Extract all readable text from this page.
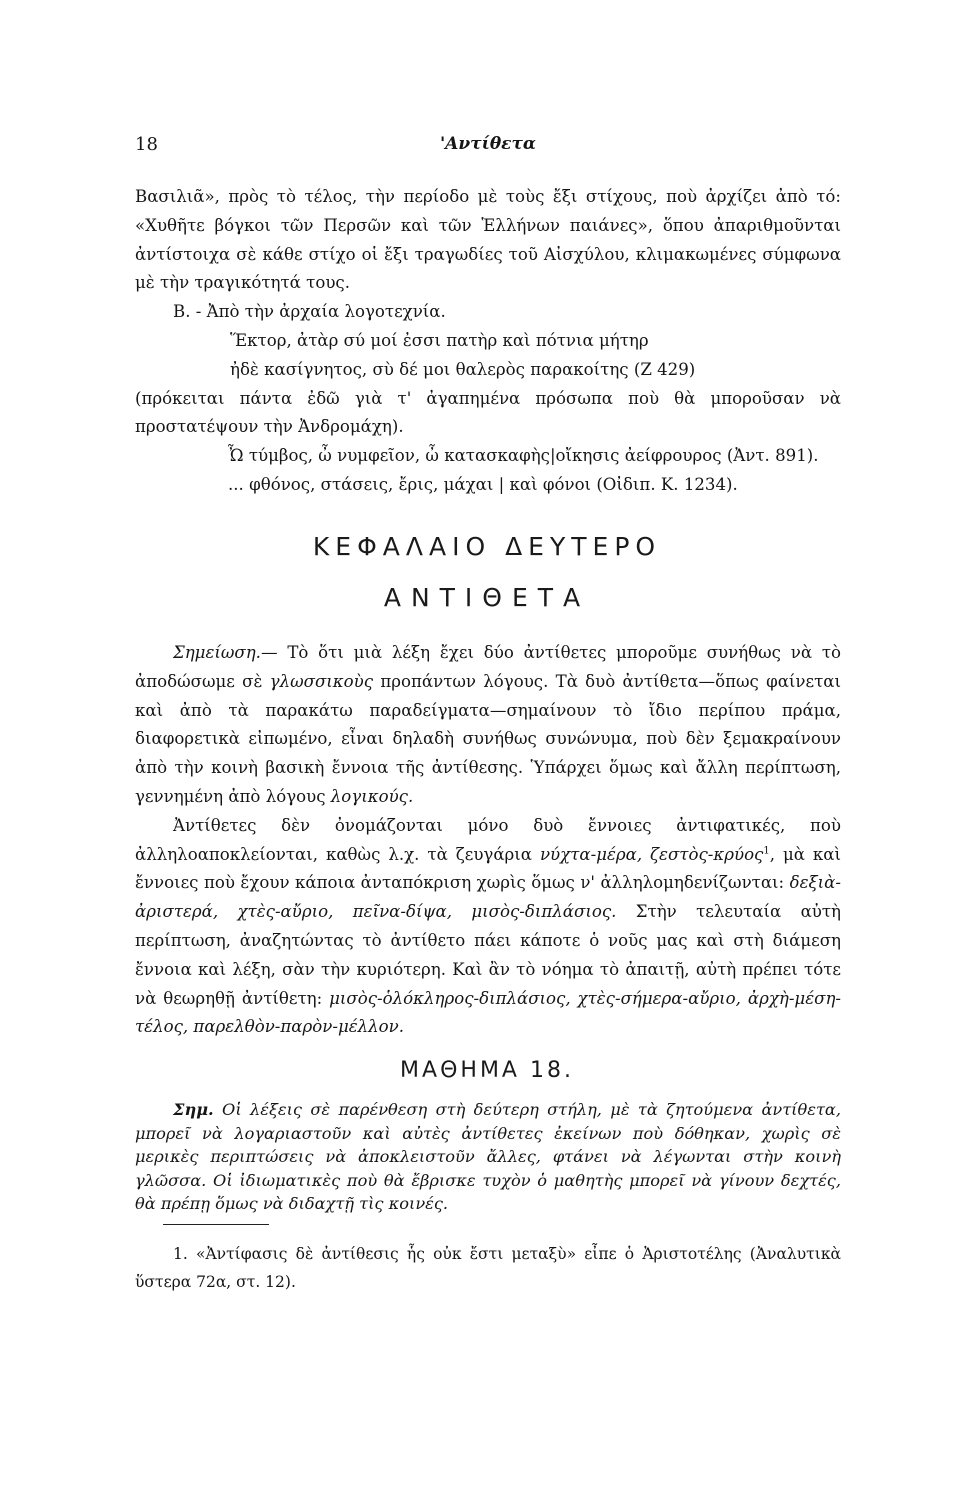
18	'Αντίθετα

Βασιλιᾶ», πρὸς τὸ τέλος, τὴν περίοδο μὲ τοὺς ἔξι στίχους, ποὺ ἀρχίζει ἀπὸ τό: «Χυθῆτε βόγκοι τῶν Περσῶν καὶ τῶν Ἑλλήνων παιάνες», ὅπου ἀπαριθμοῦνται ἀντίστοιχα σὲ κάθε στίχο οἱ ἔξι τραγωδίες τοῦ Αἰσχύλου, κλιμακωμένες σύμφωνα μὲ τὴν τραγικότητά τους.

Β. - Ἀπὸ τὴν ἀρχαία λογοτεχνία.

Ἕκτορ, ἀτὰρ σύ μοί ἐσσι πατὴρ καὶ πότνια μήτηρ

ἠδὲ κασίγνητος, σὺ δέ μοι θαλερὸς παρακοίτης (Ζ 429)

(πρόκειται πάντα ἐδῶ γιὰ τ' ἀγαπημένα πρόσωπα ποὺ θὰ μποροῦσαν νὰ προστατέψουν τὴν Ἀνδρομάχη).

Ὦ τύμβος, ὦ νυμφεῖον, ὦ κατασκαφὴς|οἴκησις ἀείφρουρος (Ἀντ. 891).

... φθόνος, στάσεις, ἔρις, μάχαι | καὶ φόνοι (Οἰδιπ. Κ. 1234).

ΚΕΦΑΛΑΙΟ ΔΕΥΤΕΡΟ
ΑΝΤΙΘΕΤΑ

Σημείωση.— Τὸ ὅτι μιὰ λέξη ἔχει δύο ἀντίθετες μποροῦμε συνήθως νὰ τὸ ἀποδώσωμε σὲ γλωσσικοὺς προπάντων λόγους. Τὰ δυὸ ἀντίθετα—ὅπως φαίνεται καὶ ἀπὸ τὰ παρακάτω παραδείγματα—σημαίνουν τὸ ἴδιο περίπου πράμα, διαφορετικὰ εἰπωμένο, εἶναι δηλαδὴ συνήθως συνώνυμα, ποὺ δὲν ξεμακραίνουν ἀπὸ τὴν κοινὴ βασικὴ ἔννοια τῆς ἀντίθεσης. Ὑπάρχει ὅμως καὶ ἄλλη περίπτωση, γεννημένη ἀπὸ λόγους λογικούς.

Ἀντίθετες δὲν ὀνομάζονται μόνο δυὸ ἔννοιες ἀντιφατικές, ποὺ ἀλληλοαποκλείονται, καθὼς λ.χ. τὰ ζευγάρια νύχτα-μέρα, ζεστὸς-κρύος$^1$, μὰ καὶ ἔννοιες ποὺ ἔχουν κάποια ἀνταπόκριση χωρὶς ὅμως ν' ἀλληλομηδενίζωνται: δεξιὰ-ἀριστερά, χτὲς-αὔριο, πεῖνα-δίψα, μισὸς-διπλάσιος. Στὴν τελευταία αὐτὴ περίπτωση, ἀναζητώντας τὸ ἀντίθετο πάει κάποτε ὁ νοῦς μας καὶ στὴ διάμεση ἔννοια καὶ λέξη, σὰν τὴν κυριότερη. Καὶ ἂν τὸ νόημα τὸ ἀπαιτῇ, αὐτὴ πρέπει τότε νὰ θεωρηθῇ ἀντίθετη: μισὸς-ὁλόκληρος-διπλάσιος, χτὲς-σήμερα-αὔριο, ἀρχὴ-μέση-τέλος, παρελθὸν-παρὸν-μέλλον.

ΜΑΘΗΜΑ 18.
Σημ. Οἱ λέξεις σὲ παρένθεση στὴ δεύτερη στήλη, μὲ τὰ ζητούμενα ἀντίθετα, μπορεῖ νὰ λογαριαστοῦν καὶ αὐτὲς ἀντίθετες ἐκείνων ποὺ δόθηκαν, χωρὶς σὲ μερικὲς περιπτώσεις νὰ ἀποκλειστοῦν ἄλλες, φτάνει νὰ λέγωνται στὴν κοινὴ γλῶσσα. Οἱ ἰδιωματικὲς ποὺ θὰ ἔβρισκε τυχὸν ὁ μαθητὴς μπορεῖ νὰ γίνουν δεχτές, θὰ πρέπῃ ὅμως νὰ διδαχτῇ τὶς κοινές.

1. «Ἀντίφασις δὲ ἀντίθεσις ἧς οὐκ ἔστι μεταξὺ» εἶπε ὁ Ἀριστοτέλης (Ἀναλυτικὰ ὕστερα 72α, στ. 12).
